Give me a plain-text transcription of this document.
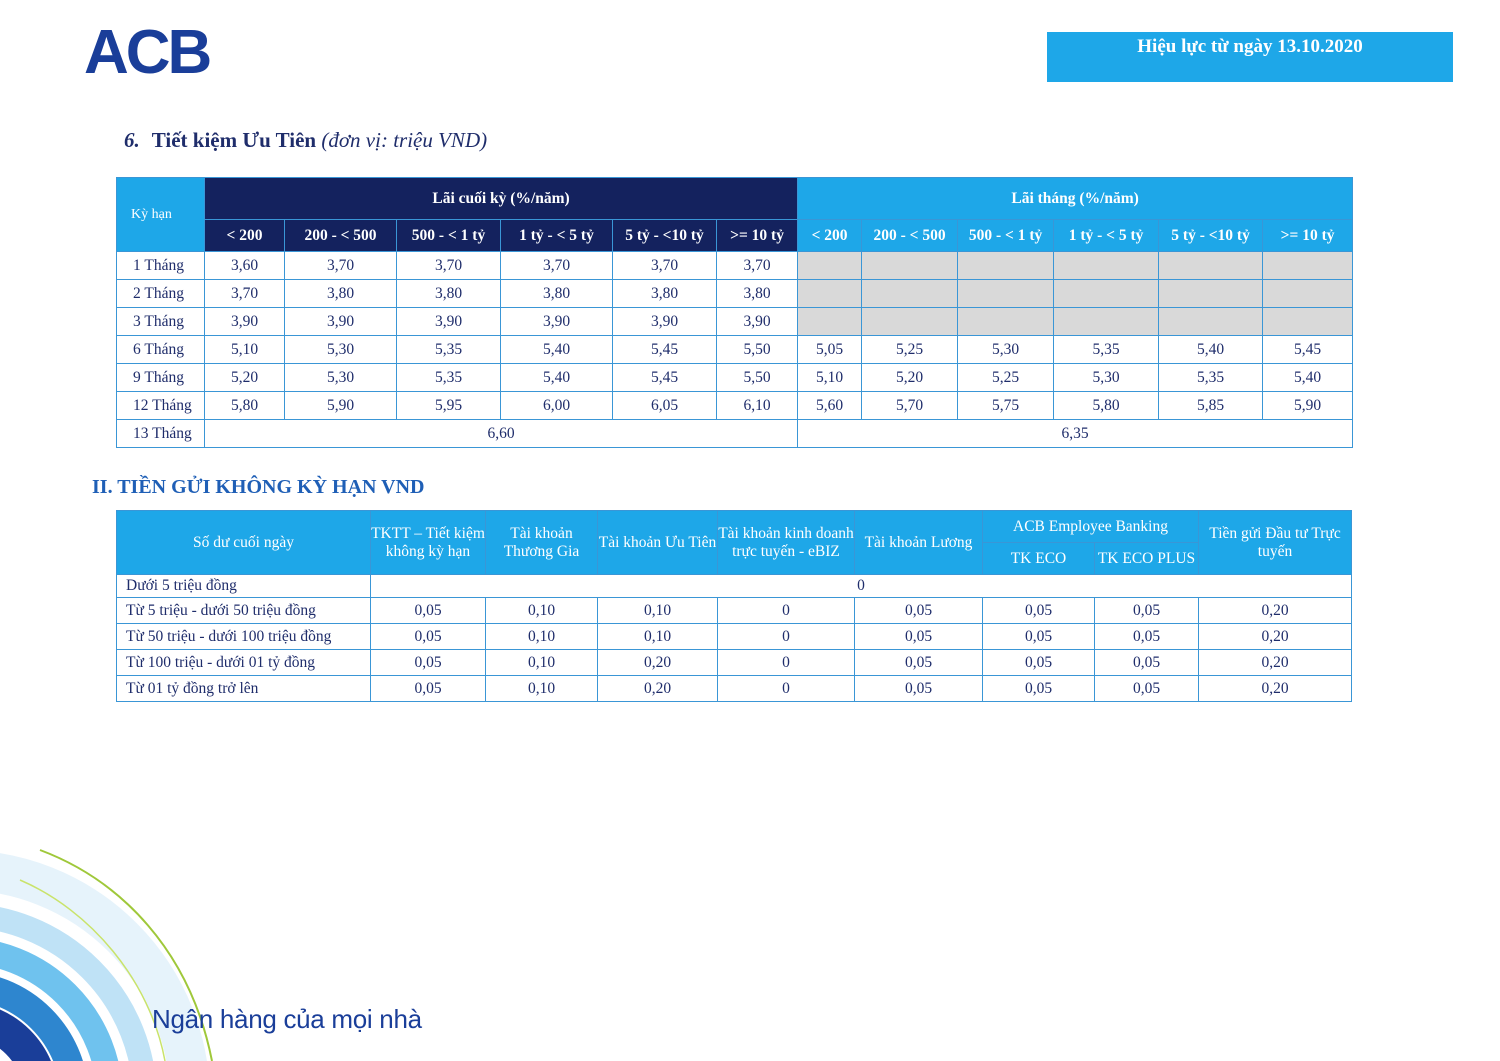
ACB	Hiệu lực từ ngày 13.10.2020
6. Tiết kiệm Ưu Tiên (đơn vị: triệu VND)
Kỳ hạn	Lãi cuối kỳ (%/năm)						Lãi tháng (%/năm)					
	< 200	200 - < 500	500 - < 1 tỷ	1 tỷ - < 5 tỷ	5 tỷ - <10 tỷ	>= 10 tỷ	< 200	200 - < 500	500 - < 1 tỷ	1 tỷ - < 5 tỷ	5 tỷ - <10 tỷ	>= 10 tỷ
1 Tháng	3,60	3,70	3,70	3,70	3,70	3,70						
2 Tháng	3,70	3,80	3,80	3,80	3,80	3,80						
3 Tháng	3,90	3,90	3,90	3,90	3,90	3,90						
6 Tháng	5,10	5,30	5,35	5,40	5,45	5,50	5,05	5,25	5,30	5,35	5,40	5,45
9 Tháng	5,20	5,30	5,35	5,40	5,45	5,50	5,10	5,20	5,25	5,30	5,35	5,40
12 Tháng	5,80	5,90	5,95	6,00	6,05	6,10	5,60	5,70	5,75	5,80	5,85	5,90
13 Tháng	6,60						6,35					
II. TIỀN GỬI KHÔNG KỲ HẠN VND
Số dư cuối ngày	TKTT – Tiết kiệm không kỳ hạn	Tài khoản Thương Gia	Tài khoản Ưu Tiên	Tài khoản kinh doanh trực tuyến - eBIZ	Tài khoản Lương	ACB Employee Banking		Tiền gửi Đầu tư Trực tuyến
						TK ECO	TK ECO PLUS	
Dưới 5 triệu đồng	0							
Từ 5 triệu - dưới 50 triệu đồng	0,05	0,10	0,10	0	0,05	0,05	0,05	0,20
Từ 50 triệu - dưới 100 triệu đồng	0,05	0,10	0,10	0	0,05	0,05	0,05	0,20
Từ 100 triệu - dưới 01 tỷ đồng	0,05	0,10	0,20	0	0,05	0,05	0,05	0,20
Từ 01 tỷ đồng trở lên	0,05	0,10	0,20	0	0,05	0,05	0,05	0,20
Ngân hàng của mọi nhà
